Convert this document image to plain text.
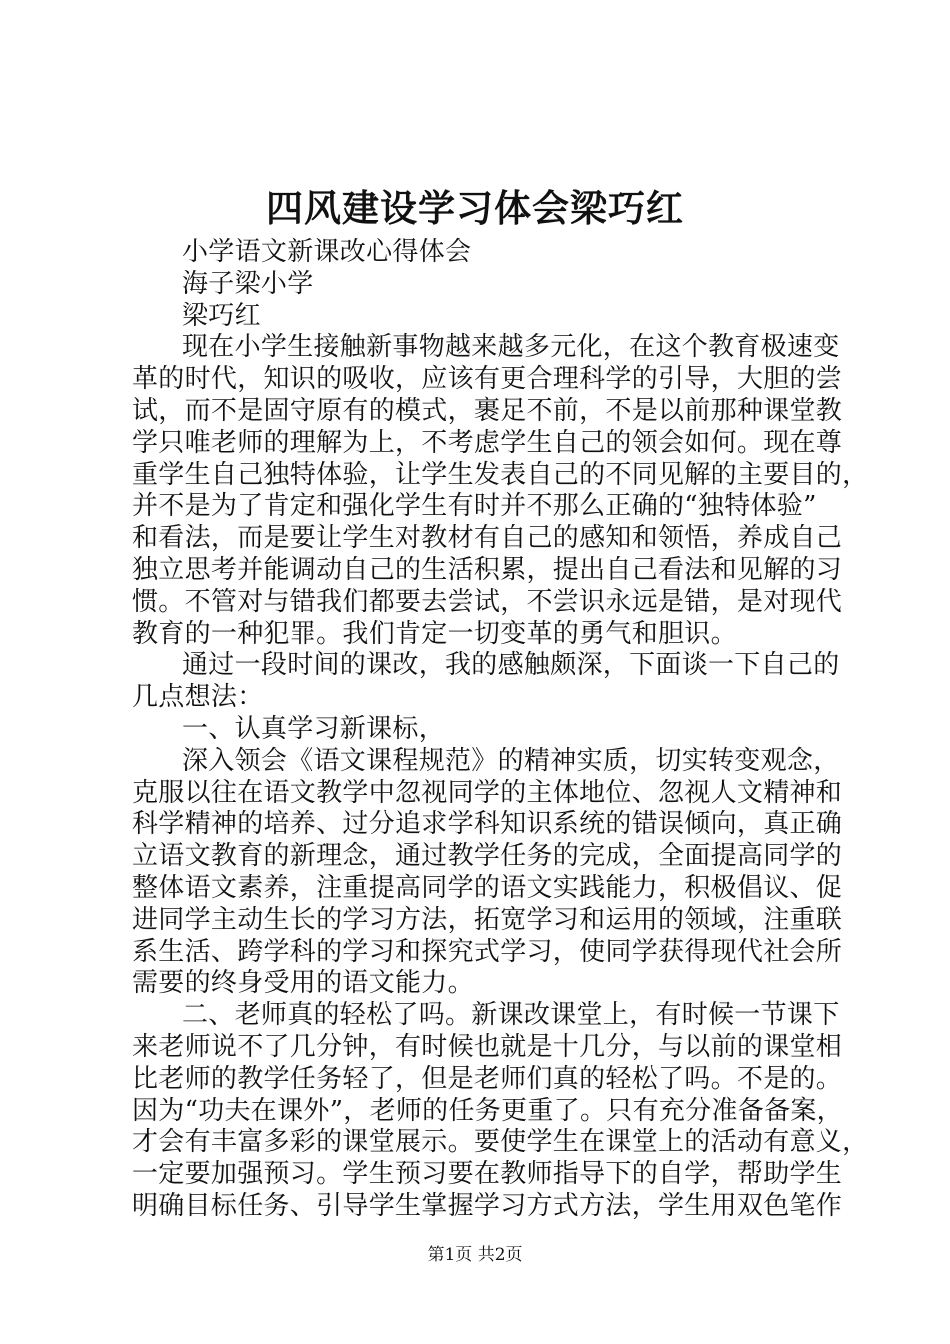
四风建设学习体会梁巧红
小学语文新课改心得体会
海子梁小学
梁巧红
现在小学生接触新事物越来越多元化，在这个教育极速变
革的时代，知识的吸收，应该有更合理科学的引导，大胆的尝
试，而不是固守原有的模式，裹足不前，不是以前那种课堂教
学只唯老师的理解为上，不考虑学生自己的领会如何。现在尊
重学生自己独特体验，让学生发表自己的不同见解的主要目的，
并不是为了肯定和强化学生有时并不那么正确的“独特体验”
和看法，而是要让学生对教材有自己的感知和领悟，养成自己
独立思考并能调动自己的生活积累，提出自己看法和见解的习
惯。不管对与错我们都要去尝试，不尝识永远是错，是对现代
教育的一种犯罪。我们肯定一切变革的勇气和胆识。
通过一段时间的课改，我的感触颇深，下面谈一下自己的
几点想法：
一、认真学习新课标，
深入领会《语文课程规范》的精神实质，切实转变观念，
克服以往在语文教学中忽视同学的主体地位、忽视人文精神和
科学精神的培养、过分追求学科知识系统的错误倾向，真正确
立语文教育的新理念，通过教学任务的完成，全面提高同学的
整体语文素养，注重提高同学的语文实践能力，积极倡议、促
进同学主动生长的学习方法，拓宽学习和运用的领域，注重联
系生活、跨学科的学习和探究式学习，使同学获得现代社会所
需要的终身受用的语文能力。
二、老师真的轻松了吗。新课改课堂上，有时候一节课下
来老师说不了几分钟，有时候也就是十几分，与以前的课堂相
比老师的教学任务轻了，但是老师们真的轻松了吗。不是的。
因为“功夫在课外”，老师的任务更重了。只有充分准备备案，
才会有丰富多彩的课堂展示。要使学生在课堂上的活动有意义，
一定要加强预习。学生预习要在教师指导下的自学，帮助学生
明确目标任务、引导学生掌握学习方式方法，学生用双色笔作
第1页 共2页
